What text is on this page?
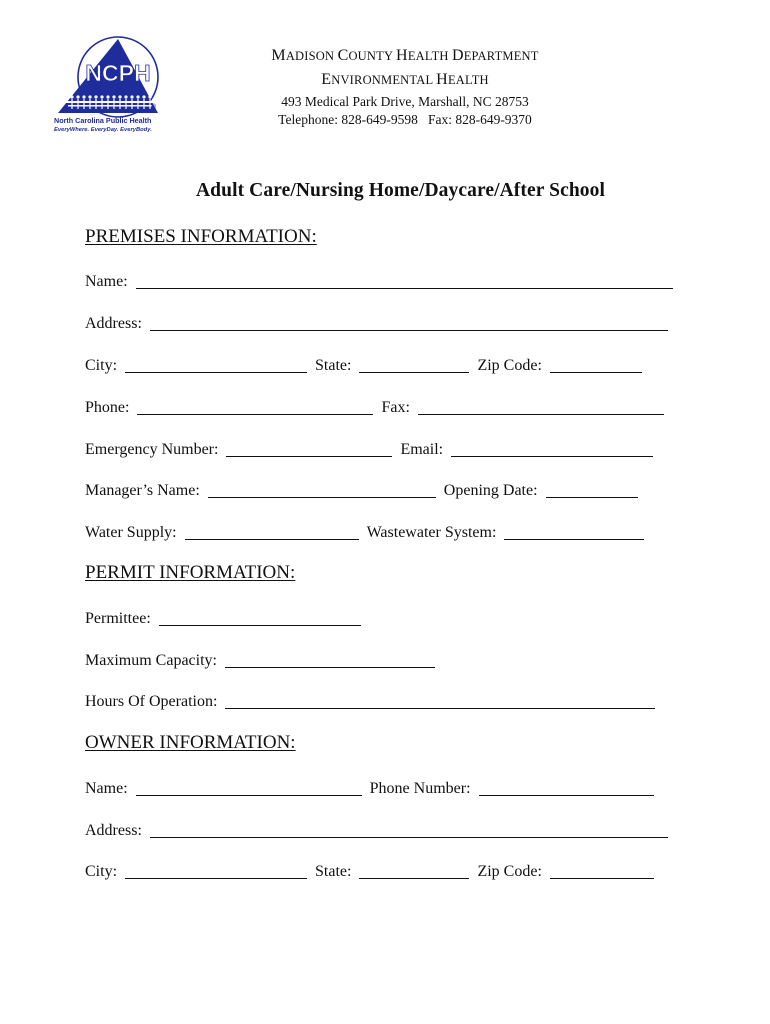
NCPH
®
North Carolina Public Health
EveryWhere. EveryDay. EveryBody.
MADISON COUNTY HEALTH DEPARTMENT
ENVIRONMENTAL HEALTH
493 Medical Park Drive, Marshall, NC 28753
Telephone: 828-649-9598   Fax: 828-649-9370
Adult Care/Nursing Home/Daycare/After School
PREMISES INFORMATION:
Name:
Address:
City:	State:	Zip Code:
Phone:	Fax:
Emergency Number:	Email:
Manager’s Name:	Opening Date:
Water Supply:	Wastewater System:
PERMIT INFORMATION:
Permittee:
Maximum Capacity:
Hours Of Operation:
OWNER INFORMATION:
Name:	Phone Number:
Address:
City:	State:	Zip Code:
